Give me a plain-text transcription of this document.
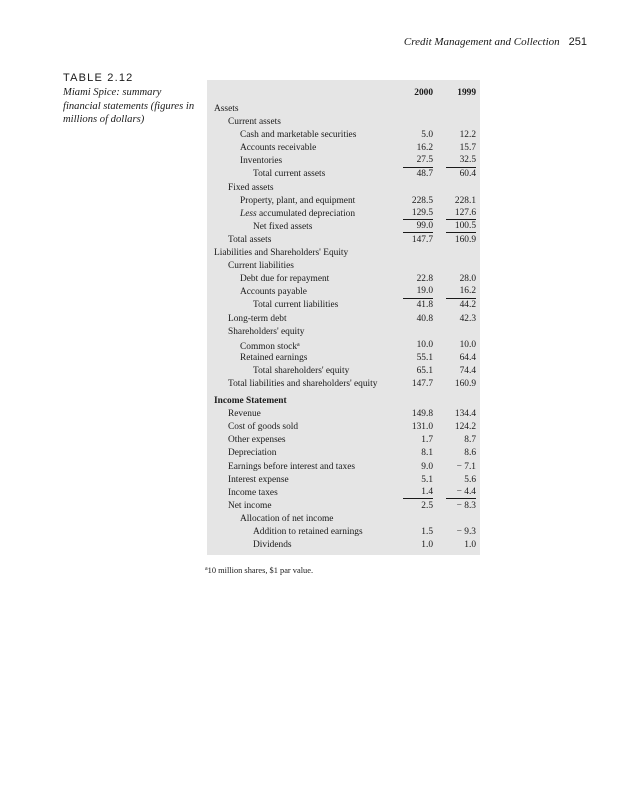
Credit Management and Collection 251
TABLE 2.12
Miami Spice: summary financial statements (figures in millions of dollars)
2000	1999
Assets
Current assets
Cash and marketable securities	5.0	12.2
Accounts receivable	16.2	15.7
Inventories	27.5	32.5
Total current assets	48.7	60.4
Fixed assets
Property, plant, and equipment	228.5	228.1
Less accumulated depreciation	129.5	127.6
Net fixed assets	99.0	100.5
Total assets	147.7	160.9
Liabilities and Shareholders' Equity
Current liabilities
Debt due for repayment	22.8	28.0
Accounts payable	19.0	16.2
Total current liabilities	41.8	44.2
Long-term debt	40.8	42.3
Shareholders' equity
Common stock$^a$	10.0	10.0
Retained earnings	55.1	64.4
Total shareholders' equity	65.1	74.4
Total liabilities and shareholders' equity	147.7	160.9
Income Statement
Revenue	149.8	134.4
Cost of goods sold	131.0	124.2
Other expenses	1.7	8.7
Depreciation	8.1	8.6
Earnings before interest and taxes	9.0	− 7.1
Interest expense	5.1	5.6
Income taxes	1.4	− 4.4
Net income	2.5	− 8.3
Allocation of net income
Addition to retained earnings	1.5	− 9.3
Dividends	1.0	1.0
$^a$10 million shares, $1 par value.
